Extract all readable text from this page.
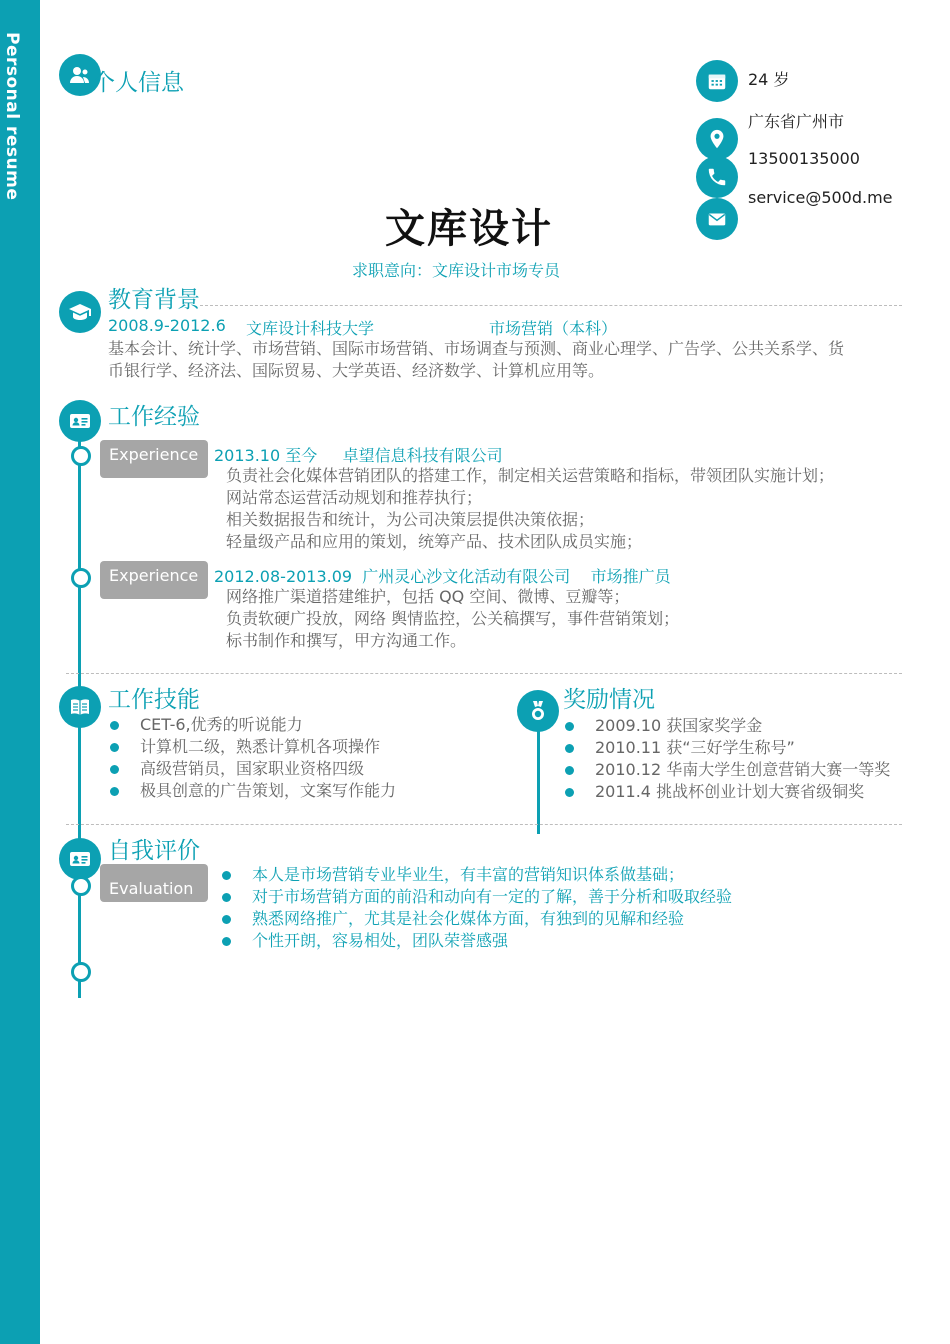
Personal resume	个人信息	24 岁
广东省广州市
13500135000
service@500d.me
文库设计
求职意向：文库设计市场专员
教育背景
2008.9-2012.6 文库设计科技大学	市场营销（本科）
基本会计、统计学、市场营销、国际市场营销、市场调查与预测、商业心理学、广告学、公共关系学、货
币银行学、经济法、国际贸易、大学英语、经济数学、计算机应用等。
工作经验
Experience 2013.10 至今     卓望信息科技有限公司
负责社会化媒体营销团队的搭建工作，制定相关运营策略和指标，带领团队实施计划；
网站常态运营活动规划和推荐执行；
相关数据报告和统计，为公司决策层提供决策依据；
轻量级产品和应用的策划，统筹产品、技术团队成员实施；
Experience 2012.08-2013.09  广州灵心沙文化活动有限公司    市场推广员
网络推广渠道搭建维护，包括 QQ 空间、微博、豆瓣等；
负责软硬广投放，网络 舆情监控，公关稿撰写，事件营销策划；
标书制作和撰写，甲方沟通工作。
工作技能
CET-6,优秀的听说能力
计算机二级，熟悉计算机各项操作
高级营销员，国家职业资格四级
极具创意的广告策划，文案写作能力
奖励情况
2009.10 获国家奖学金
2010.11 获“三好学生称号”
2010.12 华南大学生创意营销大赛一等奖
2011.4 挑战杯创业计划大赛省级铜奖
自我评价
Evaluation
本人是市场营销专业毕业生，有丰富的营销知识体系做基础；
对于市场营销方面的前沿和动向有一定的了解，善于分析和吸取经验
熟悉网络推广，尤其是社会化媒体方面，有独到的见解和经验
个性开朗，容易相处，团队荣誉感强
